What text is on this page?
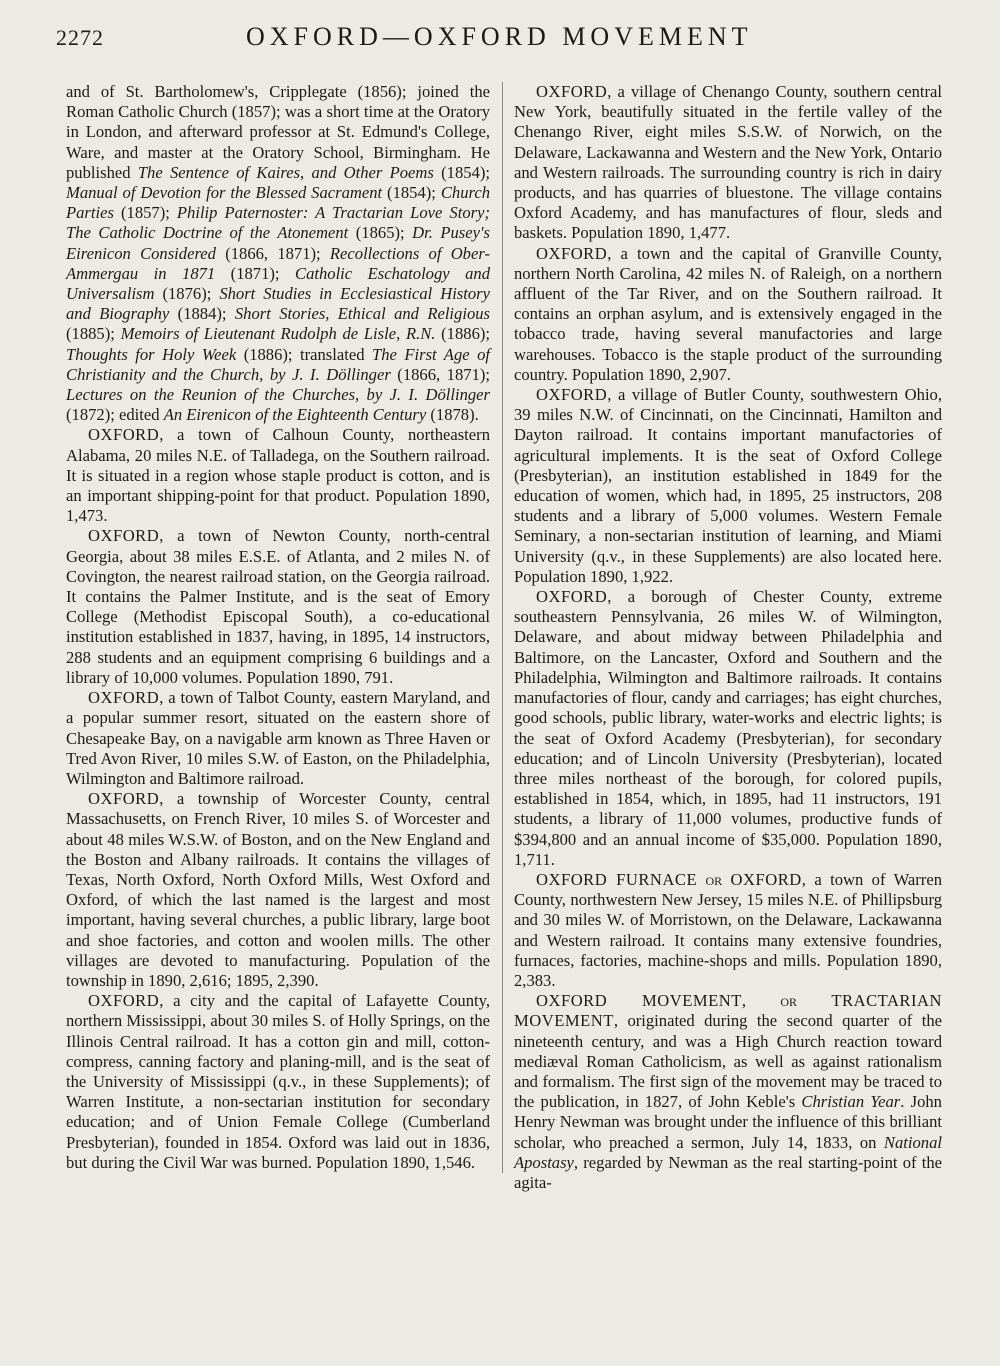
2272	OXFORD—OXFORD MOVEMENT

and of St. Bartholomew's, Cripplegate (1856); joined the Roman Catholic Church (1857); was a short time at the Oratory in London, and afterward professor at St. Edmund's College, Ware, and master at the Oratory School, Birmingham. He published The Sentence of Kaires, and Other Poems (1854); Manual of Devotion for the Blessed Sacrament (1854); Church Parties (1857); Philip Paternoster: A Tractarian Love Story; The Catholic Doctrine of the Atonement (1865); Dr. Pusey's Eirenicon Considered (1866, 1871); Recollections of Ober-Ammergau in 1871 (1871); Catholic Eschatology and Universalism (1876); Short Studies in Ecclesiastical History and Biography (1884); Short Stories, Ethical and Religious (1885); Memoirs of Lieutenant Rudolph de Lisle, R.N. (1886); Thoughts for Holy Week (1886); translated The First Age of Christianity and the Church, by J. I. Döllinger (1866, 1871); Lectures on the Reunion of the Churches, by J. I. Döllinger (1872); edited An Eirenicon of the Eighteenth Century (1878).

OXFORD, a town of Calhoun County, northeastern Alabama, 20 miles N.E. of Talladega, on the Southern railroad. It is situated in a region whose staple product is cotton, and is an important shipping-point for that product. Population 1890, 1,473.

OXFORD, a town of Newton County, north-central Georgia, about 38 miles E.S.E. of Atlanta, and 2 miles N. of Covington, the nearest railroad station, on the Georgia railroad. It contains the Palmer Institute, and is the seat of Emory College (Methodist Episcopal South), a co-educational institution established in 1837, having, in 1895, 14 instructors, 288 students and an equipment comprising 6 buildings and a library of 10,000 volumes. Population 1890, 791.

OXFORD, a town of Talbot County, eastern Maryland, and a popular summer resort, situated on the eastern shore of Chesapeake Bay, on a navigable arm known as Three Haven or Tred Avon River, 10 miles S.W. of Easton, on the Philadelphia, Wilmington and Baltimore railroad.

OXFORD, a township of Worcester County, central Massachusetts, on French River, 10 miles S. of Worcester and about 48 miles W.S.W. of Boston, and on the New England and the Boston and Albany railroads. It contains the villages of Texas, North Oxford, North Oxford Mills, West Oxford and Oxford, of which the last named is the largest and most important, having several churches, a public library, large boot and shoe factories, and cotton and woolen mills. The other villages are devoted to manufacturing. Population of the township in 1890, 2,616; 1895, 2,390.

OXFORD, a city and the capital of Lafayette County, northern Mississippi, about 30 miles S. of Holly Springs, on the Illinois Central railroad. It has a cotton gin and mill, cotton-compress, canning factory and planing-mill, and is the seat of the University of Mississippi (q.v., in these Supplements); of Warren Institute, a non-sectarian institution for secondary education; and of Union Female College (Cumberland Presbyterian), founded in 1854. Oxford was laid out in 1836, but during the Civil War was burned. Population 1890, 1,546.

OXFORD, a village of Chenango County, southern central New York, beautifully situated in the fertile valley of the Chenango River, eight miles S.S.W. of Norwich, on the Delaware, Lackawanna and Western and the New York, Ontario and Western railroads. The surrounding country is rich in dairy products, and has quarries of bluestone. The village contains Oxford Academy, and has manufactures of flour, sleds and baskets. Population 1890, 1,477.

OXFORD, a town and the capital of Granville County, northern North Carolina, 42 miles N. of Raleigh, on a northern affluent of the Tar River, and on the Southern railroad. It contains an orphan asylum, and is extensively engaged in the tobacco trade, having several manufactories and large warehouses. Tobacco is the staple product of the surrounding country. Population 1890, 2,907.

OXFORD, a village of Butler County, southwestern Ohio, 39 miles N.W. of Cincinnati, on the Cincinnati, Hamilton and Dayton railroad. It contains important manufactories of agricultural implements. It is the seat of Oxford College (Presbyterian), an institution established in 1849 for the education of women, which had, in 1895, 25 instructors, 208 students and a library of 5,000 volumes. Western Female Seminary, a non-sectarian institution of learning, and Miami University (q.v., in these Supplements) are also located here. Population 1890, 1,922.

OXFORD, a borough of Chester County, extreme southeastern Pennsylvania, 26 miles W. of Wilmington, Delaware, and about midway between Philadelphia and Baltimore, on the Lancaster, Oxford and Southern and the Philadelphia, Wilmington and Baltimore railroads. It contains manufactories of flour, candy and carriages; has eight churches, good schools, public library, water-works and electric lights; is the seat of Oxford Academy (Presbyterian), for secondary education; and of Lincoln University (Presbyterian), located three miles northeast of the borough, for colored pupils, established in 1854, which, in 1895, had 11 instructors, 191 students, a library of 11,000 volumes, productive funds of $394,800 and an annual income of $35,000. Population 1890, 1,711.

OXFORD FURNACE or OXFORD, a town of Warren County, northwestern New Jersey, 15 miles N.E. of Phillipsburg and 30 miles W. of Morristown, on the Delaware, Lackawanna and Western railroad. It contains many extensive foundries, furnaces, factories, machine-shops and mills. Population 1890, 2,383.

OXFORD MOVEMENT, or TRACTARIAN MOVEMENT, originated during the second quarter of the nineteenth century, and was a High Church reaction toward mediæval Roman Catholicism, as well as against rationalism and formalism. The first sign of the movement may be traced to the publication, in 1827, of John Keble's Christian Year. John Henry Newman was brought under the influence of this brilliant scholar, who preached a sermon, July 14, 1833, on National Apostasy, regarded by Newman as the real starting-point of the agita-
